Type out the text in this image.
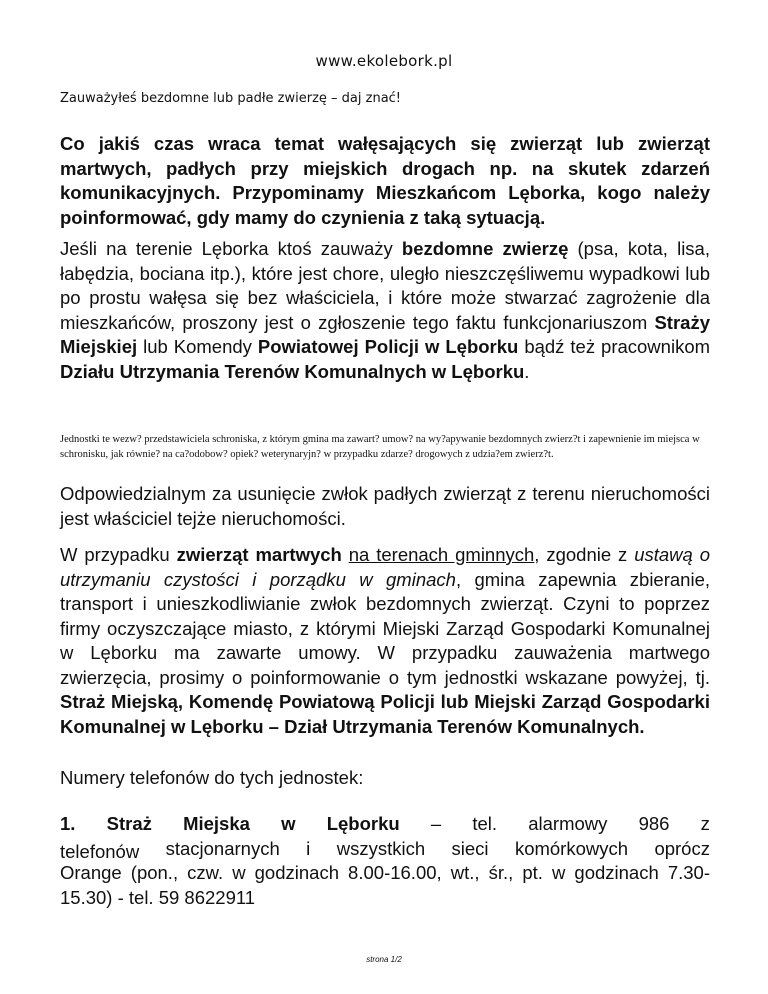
www.ekolebork.pl
Zauważyłeś bezdomne lub padłe zwierzę – daj znać!

Co jakiś czas wraca temat wałęsających się zwierząt lub zwierząt martwych, padłych przy miejskich drogach np. na skutek zdarzeń komunikacyjnych. Przypominamy Mieszkańcom Lęborka, kogo należy poinformować, gdy mamy do czynienia z taką sytuacją.

Jeśli na terenie Lęborka ktoś zauważy bezdomne zwierzę (psa, kota, lisa, łabędzia, bociana itp.), które jest chore, uległo nieszczęśliwemu wypadkowi lub po prostu wałęsa się bez właściciela, i które może stwarzać zagrożenie dla mieszkańców, proszony jest o zgłoszenie tego faktu funkcjonariuszom Straży Miejskiej lub Komendy Powiatowej Policji w Lęborku bądź też pracownikom Działu Utrzymania Terenów Komunalnych w Lęborku.

Jednostki te wezw? przedstawiciela schroniska, z którym gmina ma zawart? umow? na wy?apywanie bezdomnych zwierz?t i zapewnienie im miejsca w schronisku, jak równie? na ca?odobow? opiek? weterynaryjn? w przypadku zdarze? drogowych z udzia?em zwierz?t.

Odpowiedzialnym za usunięcie zwłok padłych zwierząt z terenu nieruchomości jest właściciel tejże nieruchomości.

W przypadku zwierząt martwych na terenach gminnych, zgodnie z ustawą o utrzymaniu czystości i porządku w gminach, gmina zapewnia zbieranie, transport i unieszkodliwianie zwłok bezdomnych zwierząt. Czyni to poprzez firmy oczyszczające miasto, z którymi Miejski Zarząd Gospodarki Komunalnej w Lęborku ma zawarte umowy. W przypadku zauważenia martwego zwierzęcia, prosimy o poinformowanie o tym jednostki wskazane powyżej, tj. Straż Miejską, Komendę Powiatową Policji lub Miejski Zarząd Gospodarki Komunalnej w Lęborku – Dział Utrzymania Terenów Komunalnych.

Numery telefonów do tych jednostek:

1. Straż Miejska w Lęborku – tel. alarmowy 986 z
telefonów stacjonarnych i wszystkich sieci komórkowych oprócz
Orange (pon., czw. w godzinach 8.00-16.00, wt., śr., pt. w godzinach 7.30-15.30) - tel. 59 8622911
strona 1/2
